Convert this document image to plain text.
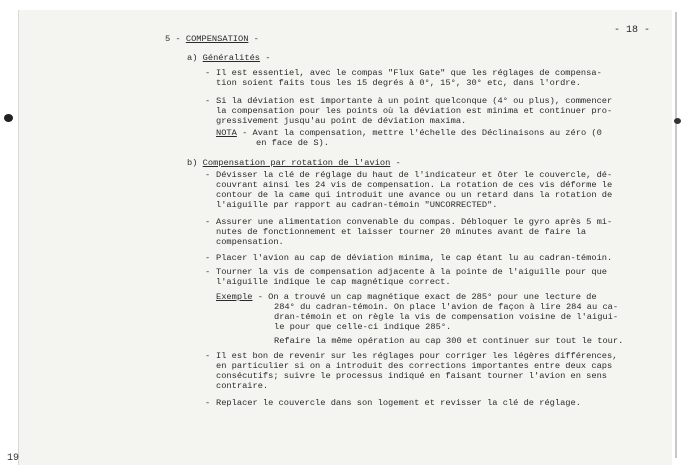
- 18 -
5 - COMPENSATION -
a) Généralités -
- Il est essentiel, avec le compas "Flux Gate" que les réglages de compensa-
tion soient faits tous les 15 degrés à 0°, 15°, 30° etc, dans l'ordre.
- Si la déviation est importante à un point quelconque (4° ou plus), commencer
la compensation pour les points où la déviation est minima et continuer pro-
gressivement jusqu'au point de déviation maxima.
NOTA - Avant la compensation, mettre l'échelle des Déclinaisons au zéro (0
en face de S).
b) Compensation par rotation de l'avion -
- Dévisser la clé de réglage du haut de l'indicateur et ôter le couvercle, dé-
couvrant ainsi les 24 vis de compensation. La rotation de ces vis déforme le
contour de la came qui introduit une avance ou un retard dans la rotation de
l'aiguille par rapport au cadran-témoin "UNCORRECTED".
- Assurer une alimentation convenable du compas. Débloquer le gyro après 5 mi-
nutes de fonctionnement et laisser tourner 20 minutes avant de faire la
compensation.
- Placer l'avion au cap de déviation minima, le cap étant lu au cadran-témoin.
- Tourner la vis de compensation adjacente à la pointe de l'aiguille pour que
l'aiguille indique le cap magnétique correct.
Exemple - On a trouvé un cap magnétique exact de 285° pour une lecture de
284° du cadran-témoin. On place l'avion de façon à lire 284 au ca-
dran-témoin et on règle la vis de compensation voisine de l'aigui-
le pour que celle-ci indique 285°.
Refaire la même opération au cap 300 et continuer sur tout le tour.
- Il est bon de revenir sur les réglages pour corriger les légères différences,
en particulier si on a introduit des corrections importantes entre deux caps
consécutifs; suivre le processus indiqué en faisant tourner l'avion en sens
contraire.
- Replacer le couvercle dans son logement et revisser la clé de réglage.
19
